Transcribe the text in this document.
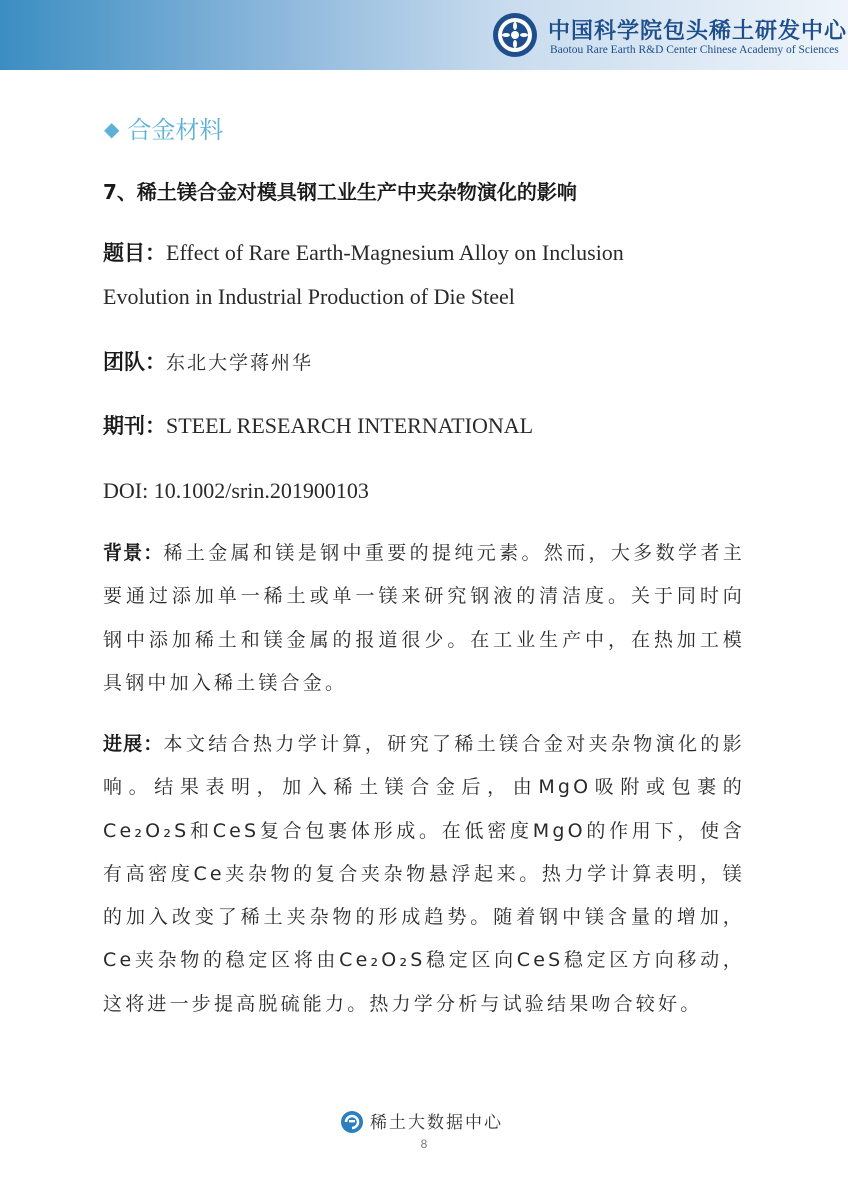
中国科学院包头稀土研发中心
Baotou Rare Earth R&D Center Chinese Academy of Sciences
◆ 合金材料
7、稀土镁合金对模具钢工业生产中夹杂物演化的影响
题目：Effect of Rare Earth-Magnesium Alloy on Inclusion
Evolution in Industrial Production of Die Steel
团队：东北大学蒋州华
期刊：STEEL RESEARCH INTERNATIONAL
DOI: 10.1002/srin.201900103
背景：稀土金属和镁是钢中重要的提纯元素。然而，大多数学者主要通过添加单一稀土或单一镁来研究钢液的清洁度。关于同时向钢中添加稀土和镁金属的报道很少。在工业生产中，在热加工模具钢中加入稀土镁合金。
进展：本文结合热力学计算，研究了稀土镁合金对夹杂物演化的影响。结果表明，加入稀土镁合金后，由MgO吸附或包裹的Ce₂O₂S和CeS复合包裹体形成。在低密度MgO的作用下，使含有高密度Ce夹杂物的复合夹杂物悬浮起来。热力学计算表明，镁的加入改变了稀土夹杂物的形成趋势。随着钢中镁含量的增加，Ce夹杂物的稳定区将由Ce₂O₂S稳定区向CeS稳定区方向移动，这将进一步提高脱硫能力。热力学分析与试验结果吻合较好。
稀土大数据中心
8
